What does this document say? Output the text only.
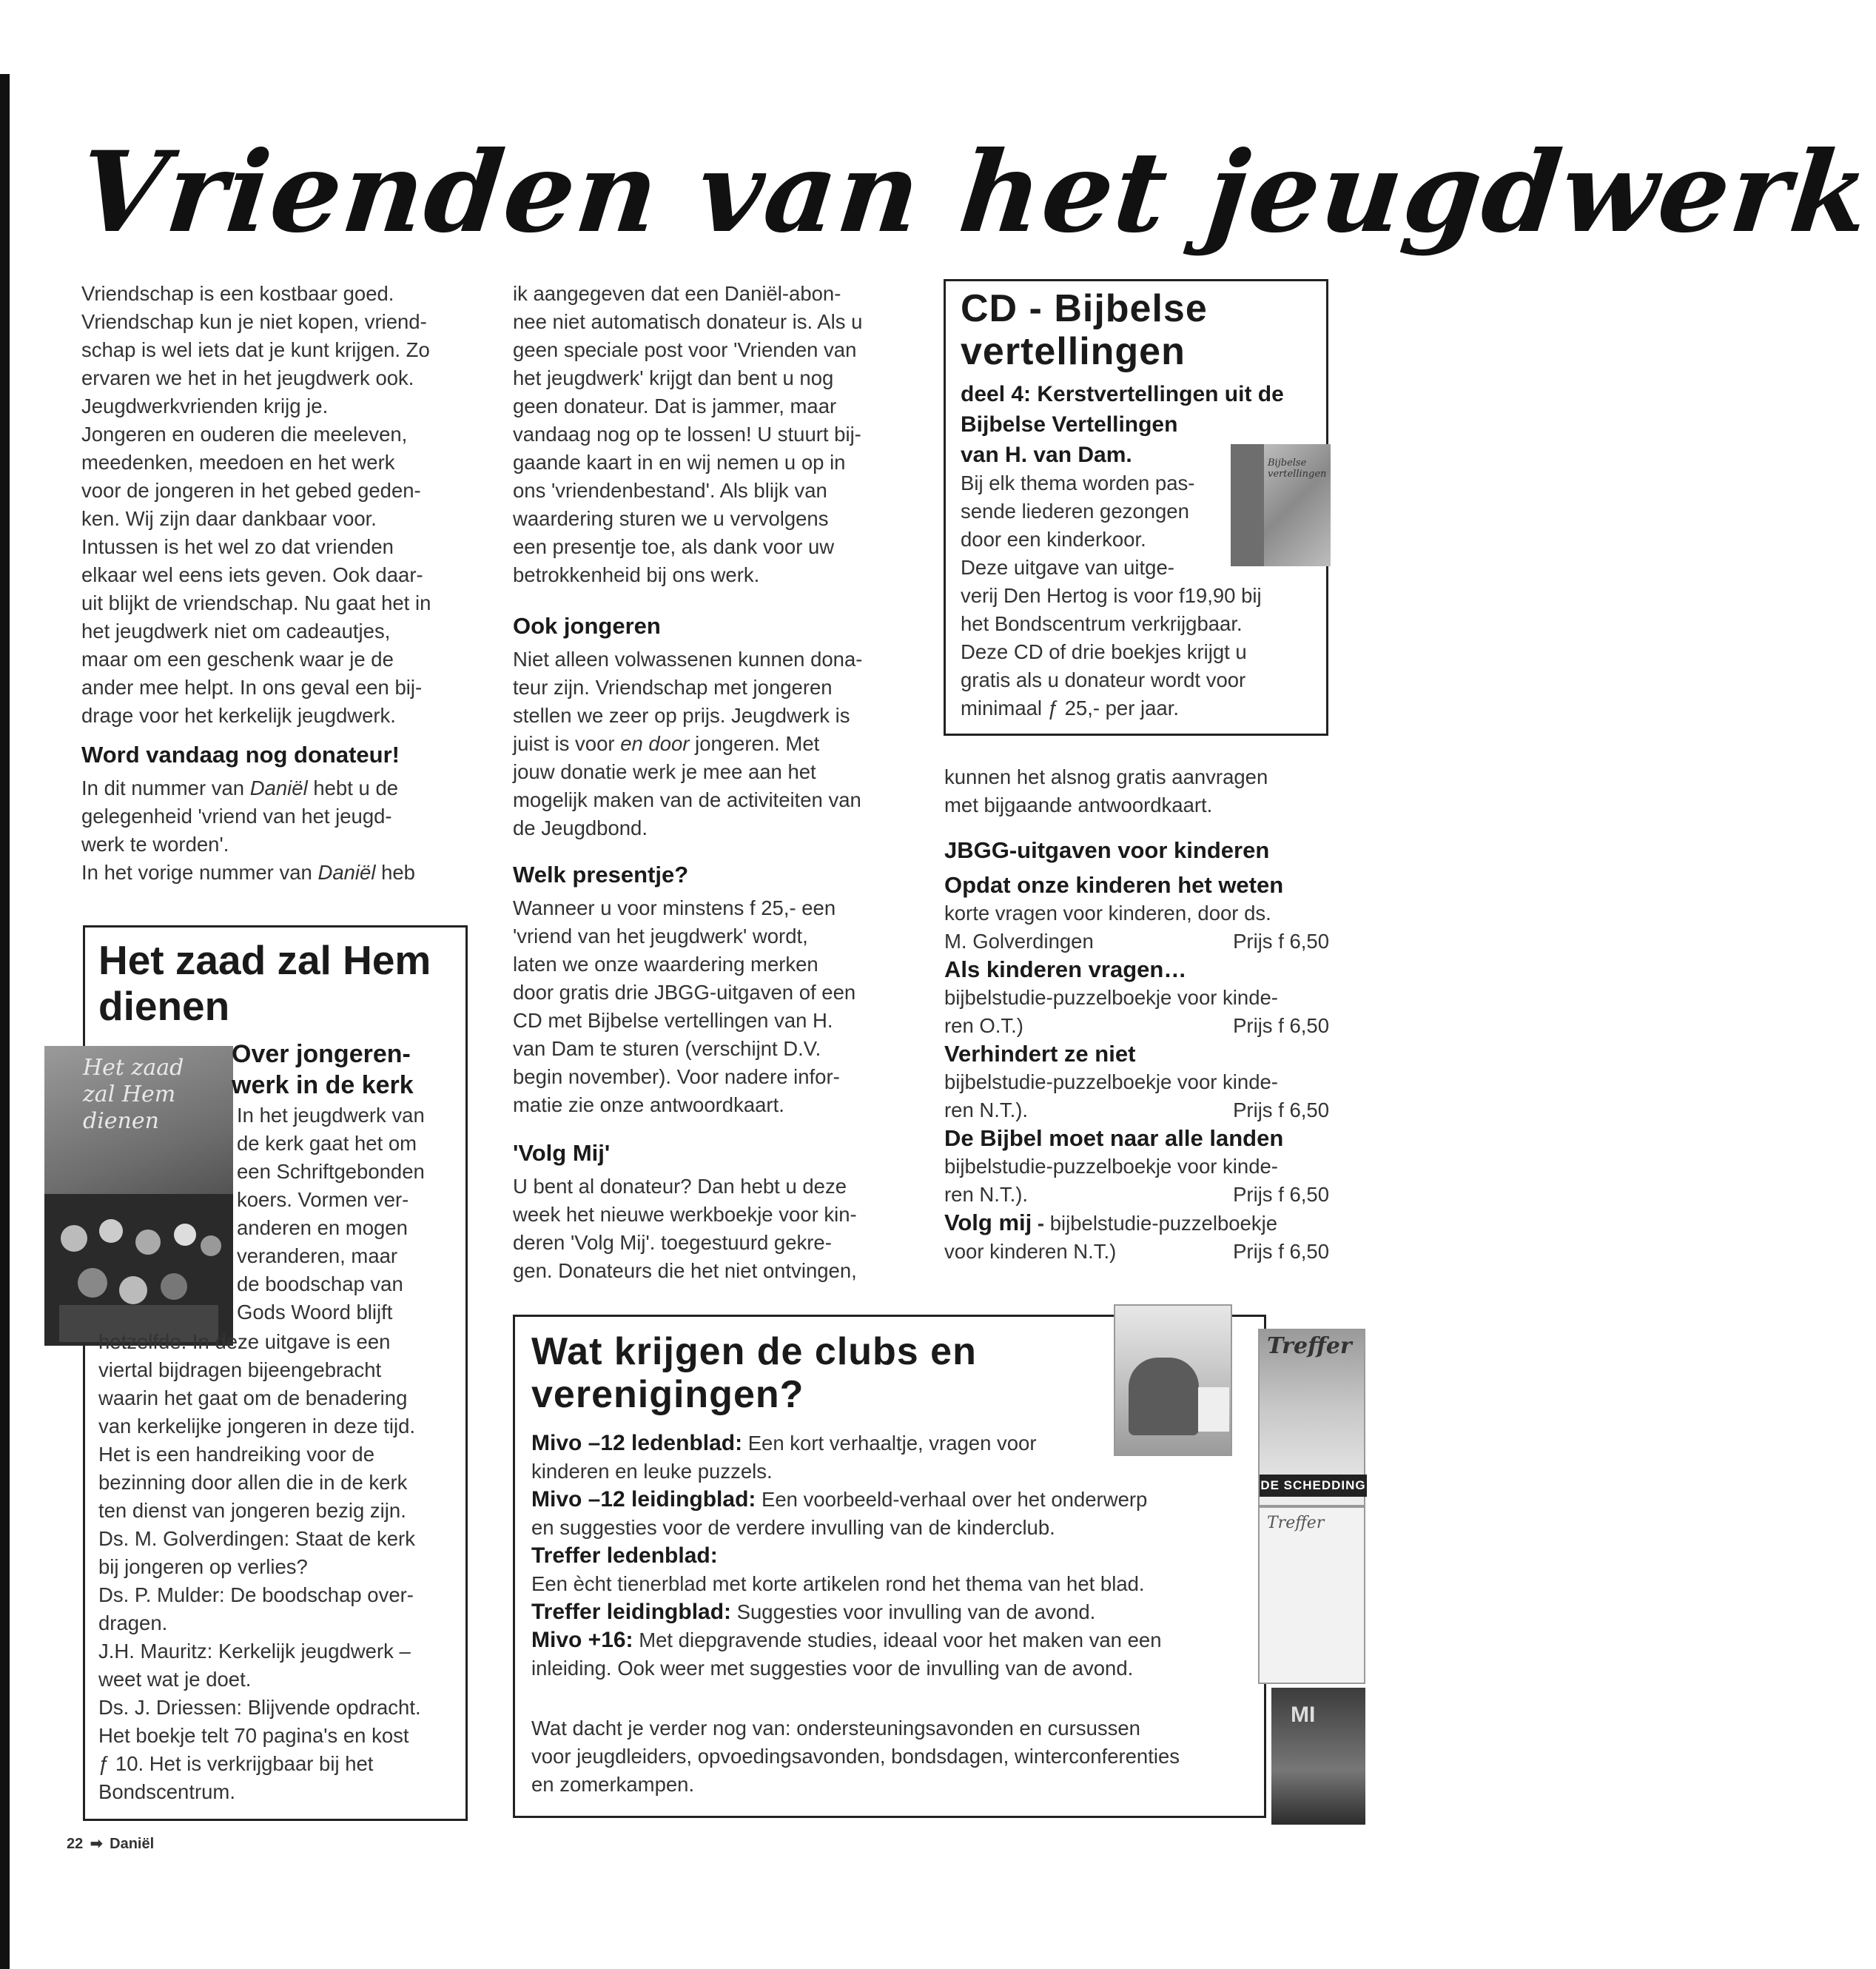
Vrienden van het jeugdwerk
Vriendschap is een kostbaar goed.
Vriendschap kun je niet kopen, vriend-
schap is wel iets dat je kunt krijgen. Zo
ervaren we het in het jeugdwerk ook.
Jeugdwerkvrienden krijg je.
Jongeren en ouderen die meeleven,
meedenken, meedoen en het werk
voor de jongeren in het gebed geden-
ken. Wij zijn daar dankbaar voor.
Intussen is het wel zo dat vrienden
elkaar wel eens iets geven. Ook daar-
uit blijkt de vriendschap. Nu gaat het in
het jeugdwerk niet om cadeautjes,
maar om een geschenk waar je de
ander mee helpt. In ons geval een bij-
drage voor het kerkelijk jeugdwerk.
Word vandaag nog donateur!
In dit nummer van Daniël hebt u de
gelegenheid 'vriend van het jeugd-
werk te worden'.
In het vorige nummer van Daniël heb
Het zaad zal Hem
dienen
Het zaad
zal Hem
dienen
Over jongeren-
werk in de kerk
In het jeugdwerk van
de kerk gaat het om
een Schriftgebonden
koers. Vormen ver-
anderen en mogen
veranderen, maar
de boodschap van
Gods Woord blijft
hetzelfde. In deze uitgave is een
viertal bijdragen bijeengebracht
waarin het gaat om de benadering
van kerkelijke jongeren in deze tijd.
Het is een handreiking voor de
bezinning door allen die in de kerk
ten dienst van jongeren bezig zijn.
Ds. M. Golverdingen: Staat de kerk
bij jongeren op verlies?
Ds. P. Mulder: De boodschap over-
dragen.
J.H. Mauritz: Kerkelijk jeugdwerk –
weet wat je doet.
Ds. J. Driessen: Blijvende opdracht.
Het boekje telt 70 pagina's en kost
ƒ 10. Het is verkrijgbaar bij het
Bondscentrum.
ik aangegeven dat een Daniël-abon-
nee niet automatisch donateur is. Als u
geen speciale post voor 'Vrienden van
het jeugdwerk' krijgt dan bent u nog
geen donateur. Dat is jammer, maar
vandaag nog op te lossen! U stuurt bij-
gaande kaart in en wij nemen u op in
ons 'vriendenbestand'. Als blijk van
waardering sturen we u vervolgens
een presentje toe, als dank voor uw
betrokkenheid bij ons werk.
Ook jongeren
Niet alleen volwassenen kunnen dona-
teur zijn. Vriendschap met jongeren
stellen we zeer op prijs. Jeugdwerk is
juist is voor en door jongeren. Met
jouw donatie werk je mee aan het
mogelijk maken van de activiteiten van
de Jeugdbond.
Welk presentje?
Wanneer u voor minstens f 25,- een
'vriend van het jeugdwerk' wordt,
laten we onze waardering merken
door gratis drie JBGG-uitgaven of een
CD met Bijbelse vertellingen van H.
van Dam te sturen (verschijnt D.V.
begin november). Voor nadere infor-
matie zie onze antwoordkaart.
'Volg Mij'
U bent al donateur? Dan hebt u deze
week het nieuwe werkboekje voor kin-
deren 'Volg Mij'. toegestuurd gekre-
gen. Donateurs die het niet ontvingen,
CD - Bijbelse
vertellingen
deel 4: Kerstvertellingen uit de
Bijbelse Vertellingen
van H. van Dam.	Bijbelse
vertellingen
Bij elk thema worden pas-
sende liederen gezongen
door een kinderkoor.
Deze uitgave van uitge-
verij Den Hertog is voor f19,90 bij
het Bondscentrum verkrijgbaar.
Deze CD of drie boekjes krijgt u
gratis als u donateur wordt voor
minimaal ƒ 25,- per jaar.
kunnen het alsnog gratis aanvragen
met bijgaande antwoordkaart.
JBGG-uitgaven voor kinderen
Opdat onze kinderen het weten
korte vragen voor kinderen, door ds.
M. Golverdingen	Prijs f 6,50
Als kinderen vragen…
bijbelstudie-puzzelboekje voor kinde-
ren O.T.)	Prijs f 6,50
Verhindert ze niet
bijbelstudie-puzzelboekje voor kinde-
ren N.T.).	Prijs f 6,50
De Bijbel moet naar alle landen
bijbelstudie-puzzelboekje voor kinde-
ren N.T.).	Prijs f 6,50
Volg mij - bijbelstudie-puzzelboekje
voor kinderen N.T.)	Prijs f 6,50
Wat krijgen de clubs en
verenigingen?
Mivo –12 ledenblad: Een kort verhaaltje, vragen voor
kinderen en leuke puzzels.
Mivo –12 leidingblad: Een voorbeeld-verhaal over het onderwerp
en suggesties voor de verdere invulling van de kinderclub.
Treffer ledenblad:
Een ècht tienerblad met korte artikelen rond het thema van het blad.
Treffer leidingblad: Suggesties voor invulling van de avond.
Mivo +16: Met diepgravende studies, ideaal voor het maken van een
inleiding. Ook weer met suggesties voor de invulling van de avond.
Wat dacht je verder nog van: ondersteuningsavonden en cursussen
voor jeugdleiders, opvoedingsavonden, bondsdagen, winterconferenties
en zomerkampen.
Treffer
DE SCHEDDING
Treffer
MI
22 ➡ Daniël
